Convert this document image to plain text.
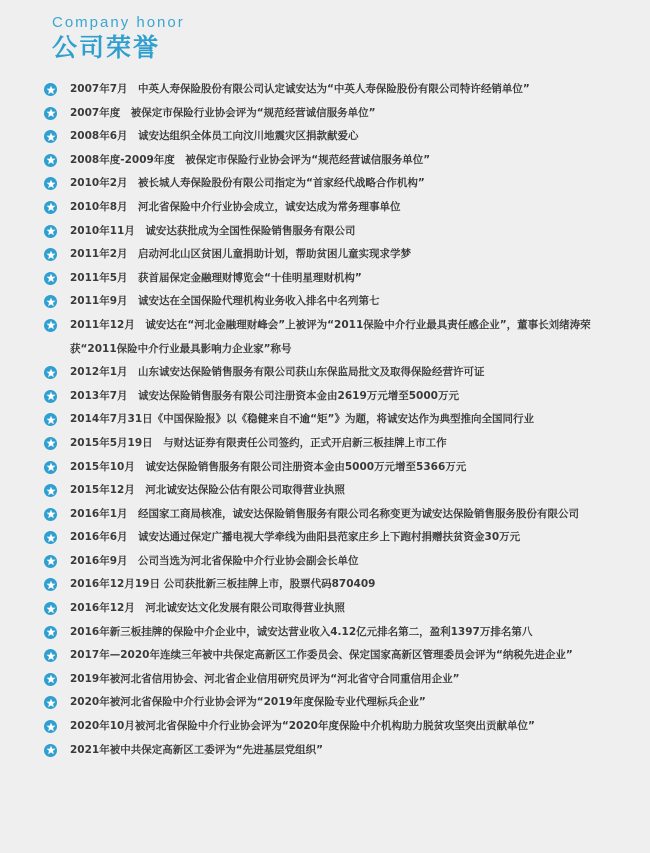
Company honor

公司荣誉

2007年7月　中英人寿保险股份有限公司认定诚安达为“中英人寿保险股份有限公司特许经销单位”
2007年度　被保定市保险行业协会评为“规范经营诚信服务单位”
2008年6月　诚安达组织全体员工向汶川地震灾区捐款献爱心
2008年度-2009年度　被保定市保险行业协会评为“规范经营诚信服务单位”
2010年2月　被长城人寿保险股份有限公司指定为“首家经代战略合作机构”
2010年8月　河北省保险中介行业协会成立，诚安达成为常务理事单位
2010年11月　诚安达获批成为全国性保险销售服务有限公司
2011年2月　启动河北山区贫困儿童捐助计划，帮助贫困儿童实现求学梦
2011年5月　获首届保定金融理财博览会“十佳明星理财机构”
2011年9月　诚安达在全国保险代理机构业务收入排名中名列第七
2011年12月　诚安达在“河北金融理财峰会”上被评为“2011保险中介行业最具责任感企业”，董事长刘绪涛荣获“2011保险中介行业最具影响力企业家”称号
2012年1月　山东诚安达保险销售服务有限公司获山东保监局批文及取得保险经营许可证
2013年7月　诚安达保险销售服务有限公司注册资本金由2619万元增至5000万元
2014年7月31日《中国保险报》以《稳健来自不逾“矩”》为题，将诚安达作为典型推向全国同行业
2015年5月19日　与财达证券有限责任公司签约，正式开启新三板挂牌上市工作
2015年10月　诚安达保险销售服务有限公司注册资本金由5000万元增至5366万元
2015年12月　河北诚安达保险公估有限公司取得营业执照
2016年1月　经国家工商局核准，诚安达保险销售服务有限公司名称变更为诚安达保险销售服务股份有限公司
2016年6月　诚安达通过保定广播电视大学牵线为曲阳县范家庄乡上下跑村捐赠扶贫资金30万元
2016年9月　公司当选为河北省保险中介行业协会副会长单位
2016年12月19日 公司获批新三板挂牌上市，股票代码870409
2016年12月　河北诚安达文化发展有限公司取得营业执照
2016年新三板挂牌的保险中介企业中，诚安达营业收入4.12亿元排名第二，盈利1397万排名第八
2017年—2020年连续三年被中共保定高新区工作委员会、保定国家高新区管理委员会评为“纳税先进企业”
2019年被河北省信用协会、河北省企业信用研究员评为“河北省守合同重信用企业”
2020年被河北省保险中介行业协会评为“2019年度保险专业代理标兵企业”
2020年10月被河北省保险中介行业协会评为“2020年度保险中介机构助力脱贫攻坚突出贡献单位”
2021年被中共保定高新区工委评为“先进基层党组织”
